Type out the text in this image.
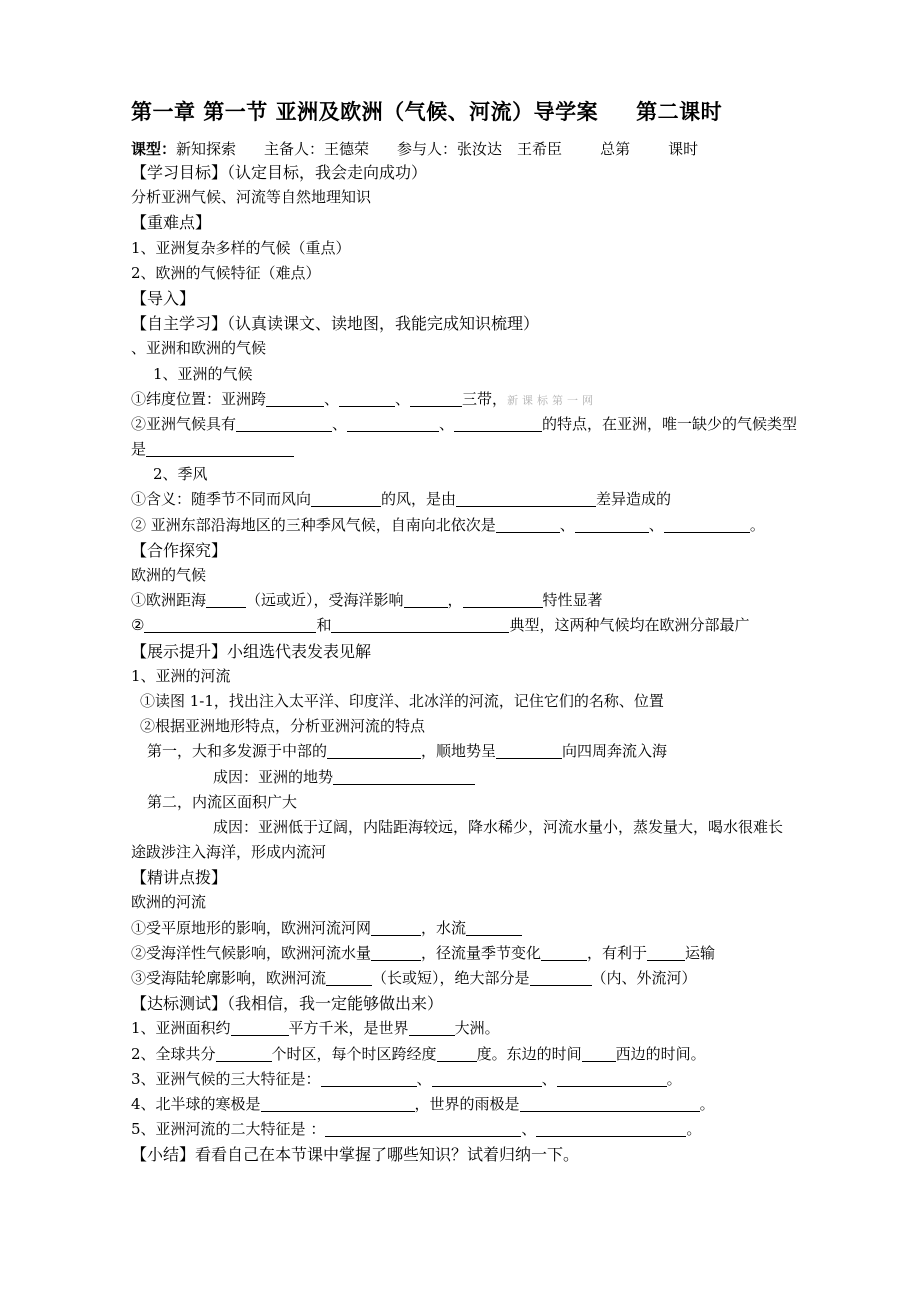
第一章 第一节 亚洲及欧洲（气候、河流）导学案 第二课时
课型：新知探索 主备人：王德荣 参与人：张汝达　王希臣	总第	课时
【学习目标】（认定目标，我会走向成功）
分析亚洲气候、河流等自然地理知识
【重难点】
1、亚洲复杂多样的气候（重点）
2、欧洲的气候特征（难点）
【导入】
【自主学习】（认真读课文、读地图，我能完成知识梳理）
、亚洲和欧洲的气候
1、亚洲的气候
①纬度位置：亚洲跨	、	、	三带，新课标第一网
②亚洲气候具有	、	、	的特点，在亚洲，唯一缺少的气候类型
是
2、季风
①含义：随季节不同而风向	的风，是由	差异造成的
② 亚洲东部沿海地区的三种季风气候，自南向北依次是	、	、	。
【合作探究】
欧洲的气候
①欧洲距海	（远或近），受海洋影响	，	特性显著
②	和	典型，这两种气候均在欧洲分部最广
【展示提升】小组选代表发表见解
1、亚洲的河流
①读图 1-1，找出注入太平洋、印度洋、北冰洋的河流，记住它们的名称、位置
②根据亚洲地形特点，分析亚洲河流的特点
第一，大和多发源于中部的	，顺地势呈	向四周奔流入海
成因：亚洲的地势
第二，内流区面积广大
成因：亚洲低于辽阔，内陆距海较远，降水稀少，河流水量小，蒸发量大，喝水很难长
途跋涉注入海洋，形成内流河
【精讲点拨】
欧洲的河流
①受平原地形的影响，欧洲河流河网	，水流
②受海洋性气候影响，欧洲河流水量	，径流量季节变化	，有利于	运输
③受海陆轮廓影响，欧洲河流	（长或短），绝大部分是	（内、外流河）
【达标测试】（我相信，我一定能够做出来）
1、亚洲面积约	平方千米，是世界	大洲。
2、全球共分	个时区，每个时区跨经度	度。东边的时间 西边的时间。
3、亚洲气候的三大特征是：	、	、	。
4、北半球的寒极是	，世界的雨极是	。
5、亚洲河流的二大特征是 ：	、	。
【小结】看看自己在本节课中掌握了哪些知识？试着归纳一下。
